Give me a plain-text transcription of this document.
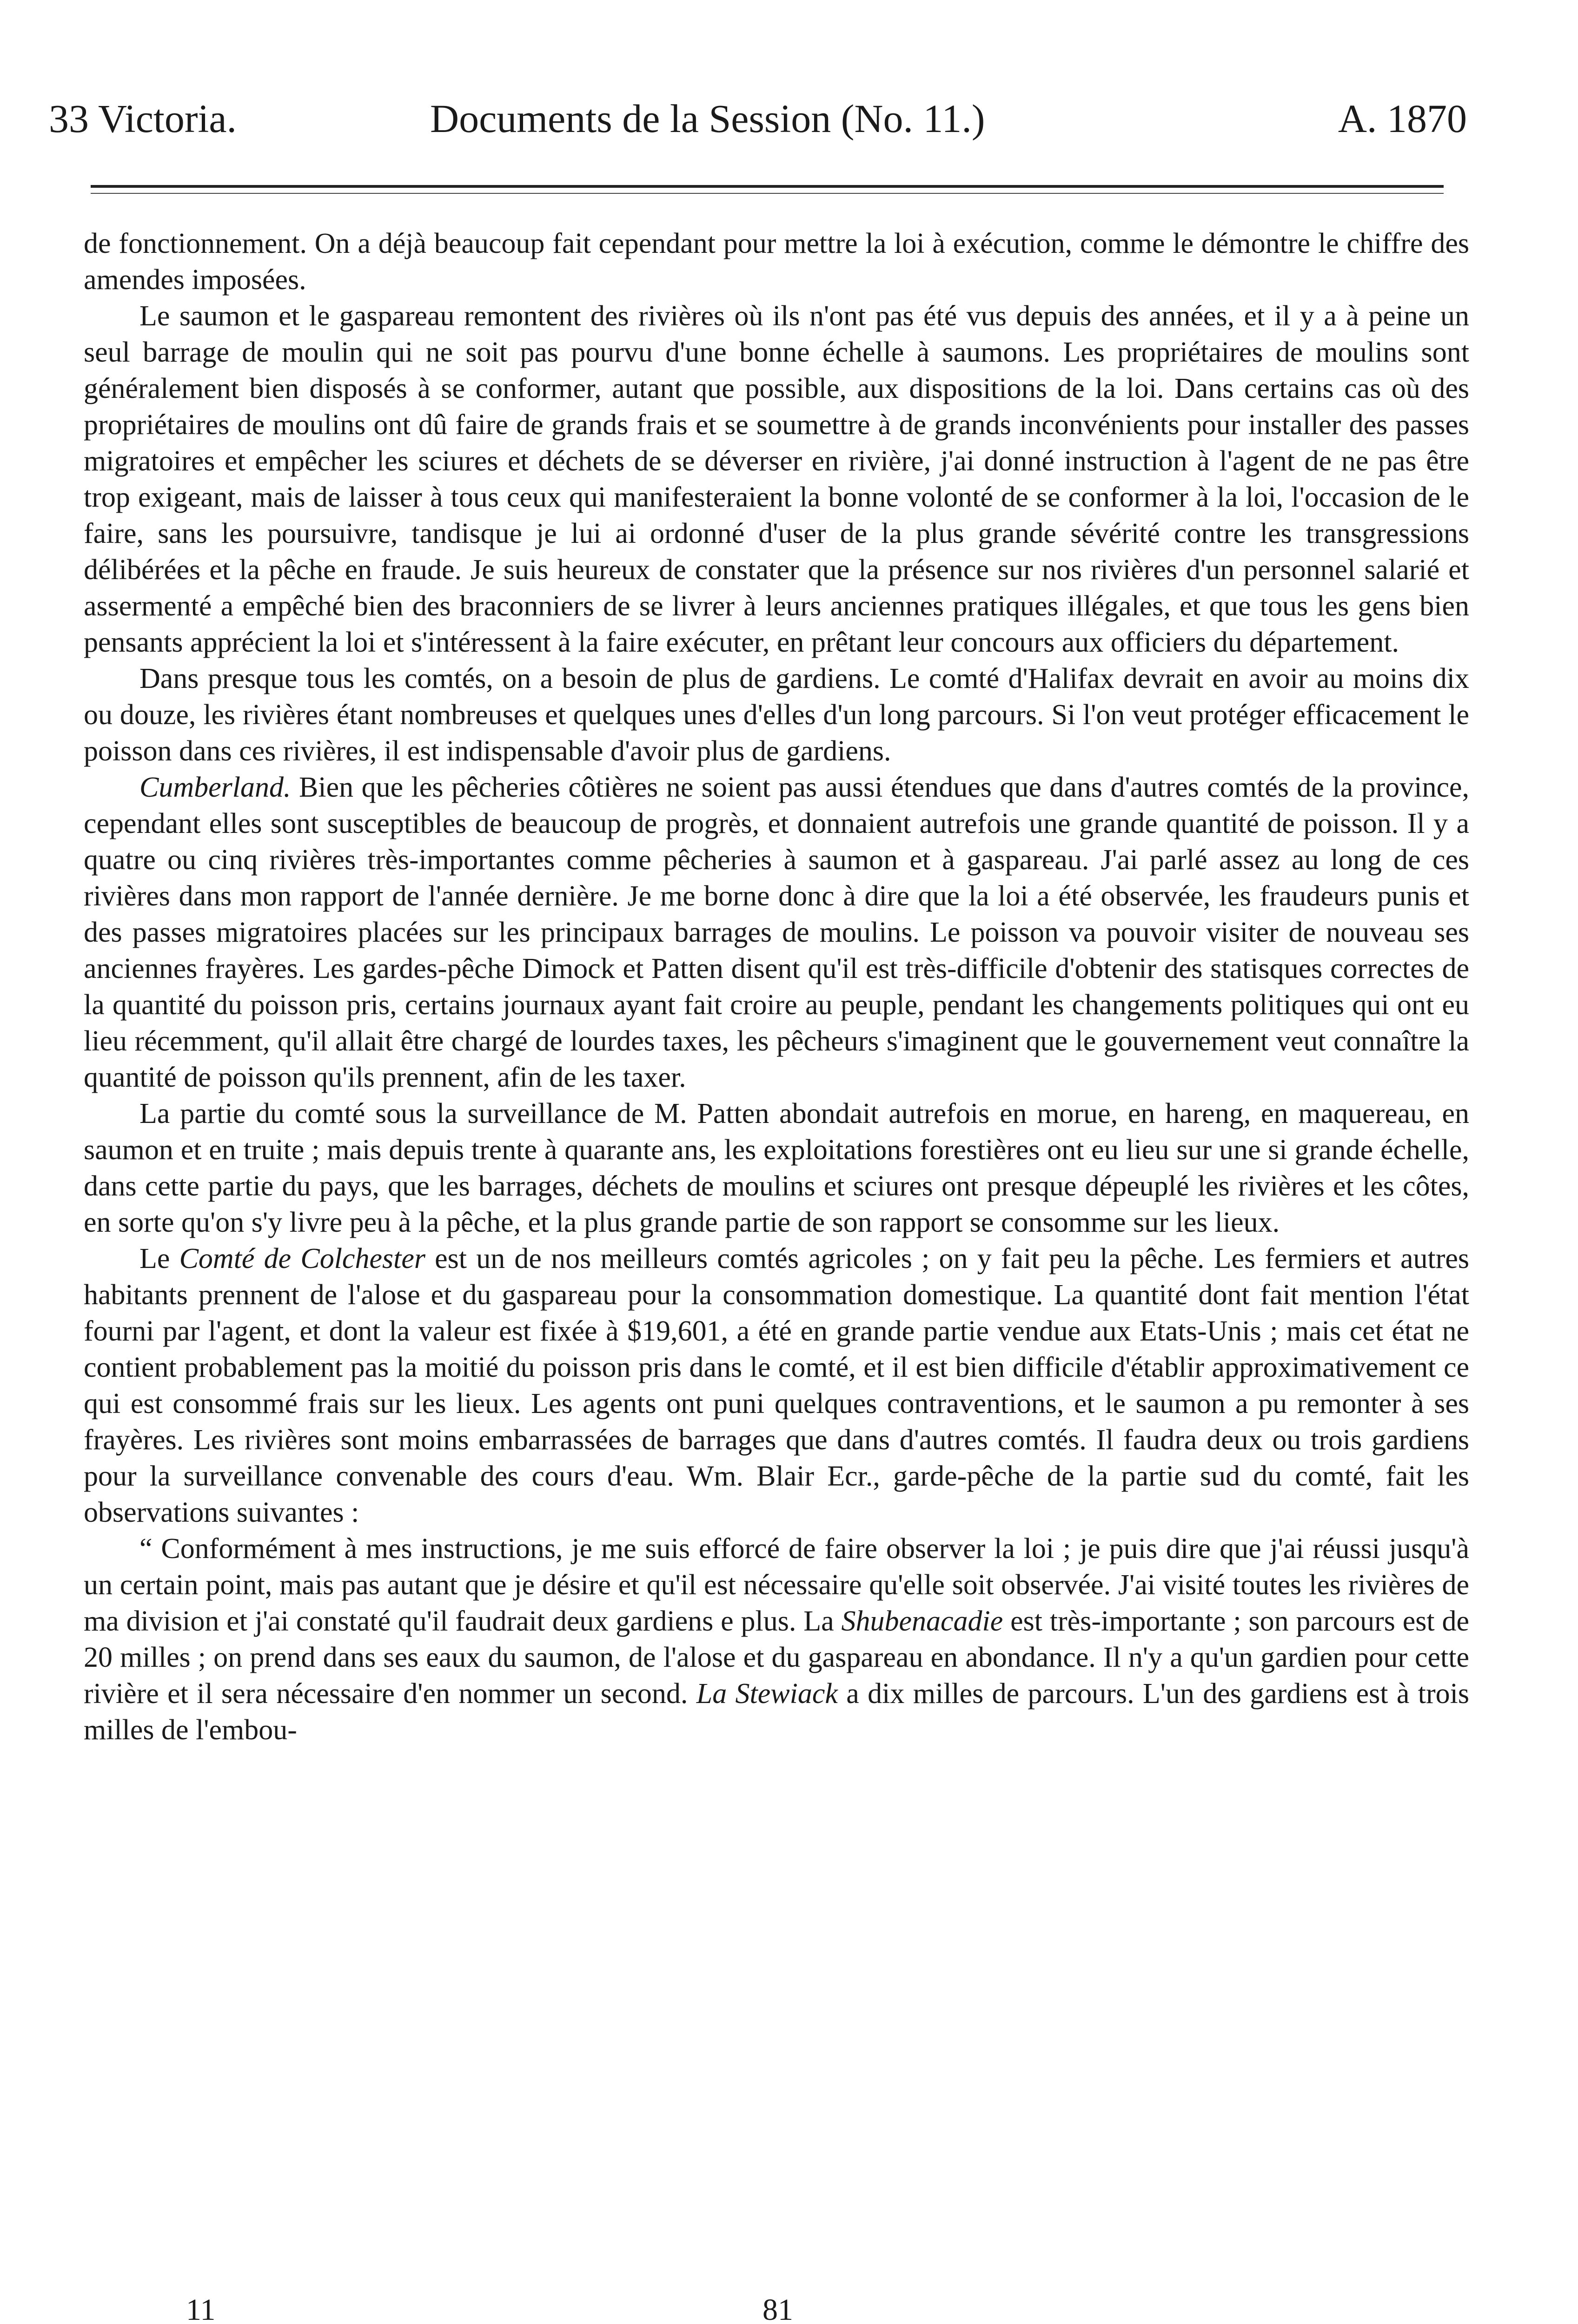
33 Victoria.	Documents de la Session (No. 11.)	A. 1870

de fonctionnement. On a déjà beaucoup fait cependant pour mettre la loi à exécution, comme le démontre le chiffre des amendes imposées.

Le saumon et le gaspareau remontent des rivières où ils n'ont pas été vus depuis des années, et il y a à peine un seul barrage de moulin qui ne soit pas pourvu d'une bonne échelle à saumons. Les propriétaires de moulins sont généralement bien disposés à se conformer, autant que possible, aux dispositions de la loi. Dans certains cas où des propriétaires de moulins ont dû faire de grands frais et se soumettre à de grands inconvénients pour installer des passes migratoires et empêcher les sciures et déchets de se déverser en rivière, j'ai donné instruction à l'agent de ne pas être trop exigeant, mais de laisser à tous ceux qui manifesteraient la bonne volonté de se conformer à la loi, l'occasion de le faire, sans les poursuivre, tandisque je lui ai ordonné d'user de la plus grande sévérité contre les transgressions délibérées et la pêche en fraude. Je suis heureux de constater que la présence sur nos rivières d'un personnel salarié et assermenté a empêché bien des braconniers de se livrer à leurs anciennes pratiques illégales, et que tous les gens bien pensants apprécient la loi et s'intéressent à la faire exécuter, en prêtant leur concours aux officiers du département.

Dans presque tous les comtés, on a besoin de plus de gardiens. Le comté d'Halifax devrait en avoir au moins dix ou douze, les rivières étant nombreuses et quelques unes d'elles d'un long parcours. Si l'on veut protéger efficacement le poisson dans ces rivières, il est indispensable d'avoir plus de gardiens.

Cumberland. Bien que les pêcheries côtières ne soient pas aussi étendues que dans d'autres comtés de la province, cependant elles sont susceptibles de beaucoup de progrès, et donnaient autrefois une grande quantité de poisson. Il y a quatre ou cinq rivières très-importantes comme pêcheries à saumon et à gaspareau. J'ai parlé assez au long de ces rivières dans mon rapport de l'année dernière. Je me borne donc à dire que la loi a été observée, les fraudeurs punis et des passes migratoires placées sur les principaux barrages de moulins. Le poisson va pouvoir visiter de nouveau ses anciennes frayères. Les gardes-pêche Dimock et Patten disent qu'il est très-difficile d'obtenir des statisques correctes de la quantité du poisson pris, certains journaux ayant fait croire au peuple, pendant les changements politiques qui ont eu lieu récemment, qu'il allait être chargé de lourdes taxes, les pêcheurs s'imaginent que le gouvernement veut connaître la quantité de poisson qu'ils prennent, afin de les taxer.

La partie du comté sous la surveillance de M. Patten abondait autrefois en morue, en hareng, en maquereau, en saumon et en truite ; mais depuis trente à quarante ans, les exploitations forestières ont eu lieu sur une si grande échelle, dans cette partie du pays, que les barrages, déchets de moulins et sciures ont presque dépeuplé les rivières et les côtes, en sorte qu'on s'y livre peu à la pêche, et la plus grande partie de son rapport se consomme sur les lieux.

Le Comté de Colchester est un de nos meilleurs comtés agricoles ; on y fait peu la pêche. Les fermiers et autres habitants prennent de l'alose et du gaspareau pour la consommation domestique. La quantité dont fait mention l'état fourni par l'agent, et dont la valeur est fixée à $19,601, a été en grande partie vendue aux Etats-Unis ; mais cet état ne contient probablement pas la moitié du poisson pris dans le comté, et il est bien difficile d'établir approximativement ce qui est consommé frais sur les lieux. Les agents ont puni quelques contraventions, et le saumon a pu remonter à ses frayères. Les rivières sont moins embarrassées de barrages que dans d'autres comtés. Il faudra deux ou trois gardiens pour la surveillance convenable des cours d'eau. Wm. Blair Ecr., garde-pêche de la partie sud du comté, fait les observations suivantes :

“ Conformément à mes instructions, je me suis efforcé de faire observer la loi ; je puis dire que j'ai réussi jusqu'à un certain point, mais pas autant que je désire et qu'il est nécessaire qu'elle soit observée. J'ai visité toutes les rivières de ma division et j'ai constaté qu'il faudrait deux gardiens e plus. La Shubenacadie est très-importante ; son parcours est de 20 milles ; on prend dans ses eaux du saumon, de l'alose et du gaspareau en abondance. Il n'y a qu'un gardien pour cette rivière et il sera nécessaire d'en nommer un second. La Stewiack a dix milles de parcours. L'un des gardiens est à trois milles de l'embou-

11	81
